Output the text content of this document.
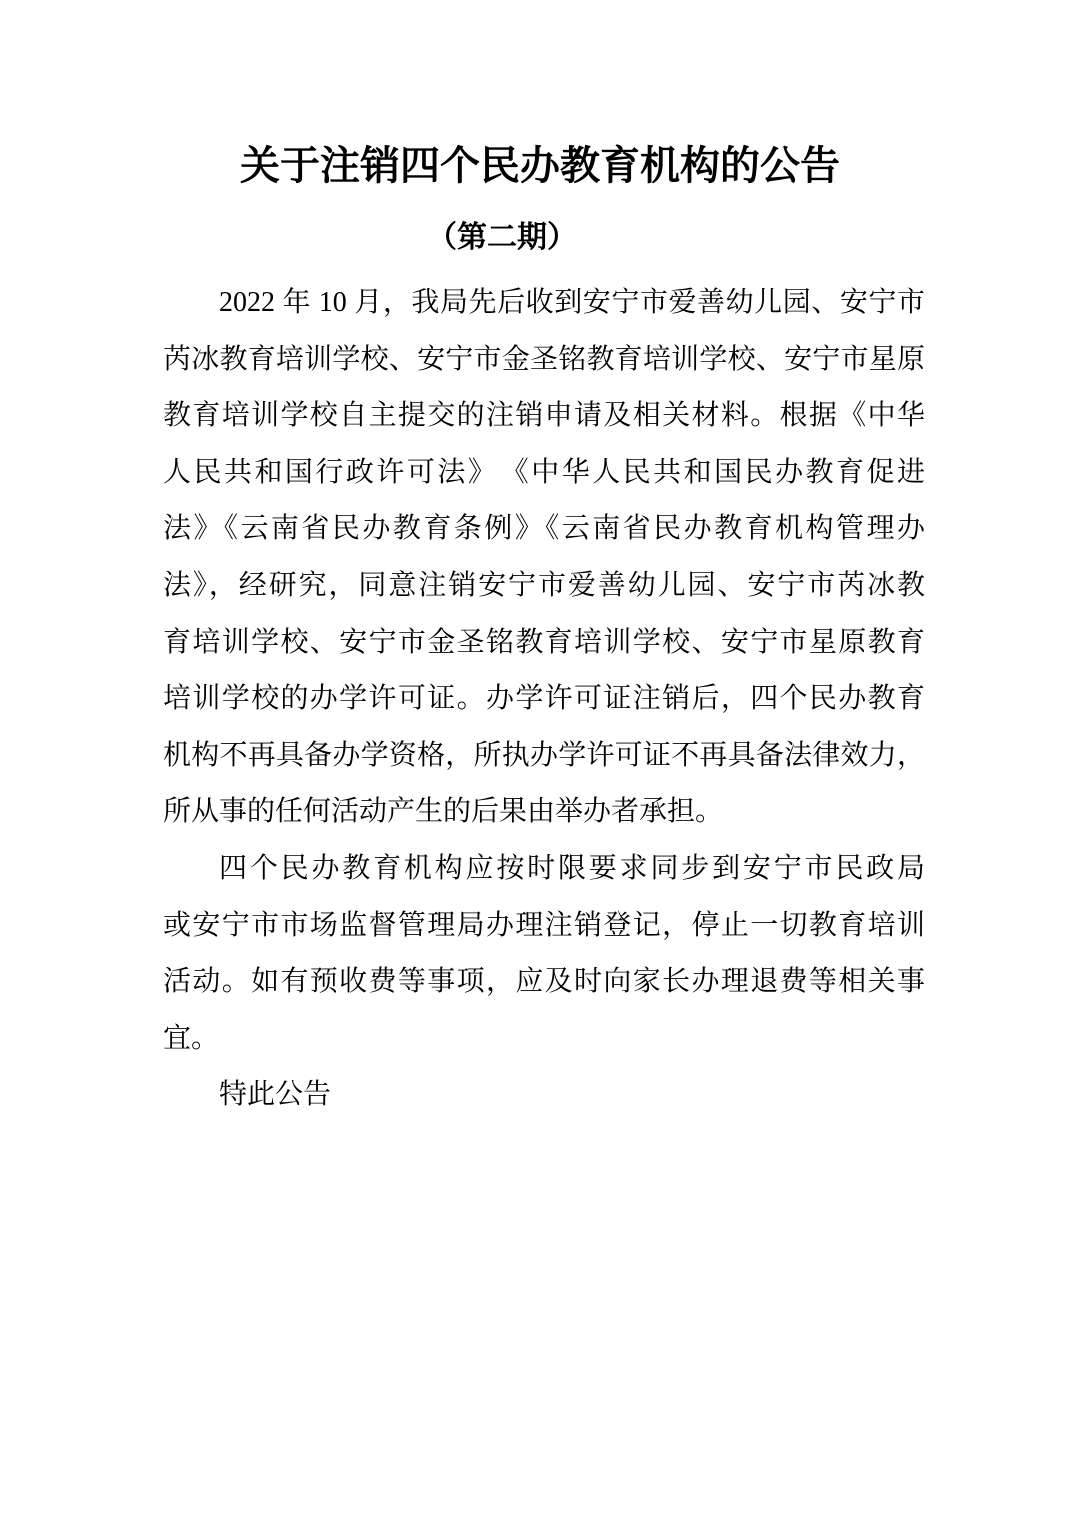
关于注销四个民办教育机构的公告
（第二期）

2022 年 10 月，我局先后收到安宁市爱善幼儿园、安宁市

芮冰教育培训学校、安宁市金圣铭教育培训学校、安宁市星原

教育培训学校自主提交的注销申请及相关材料。根据《中华

人民共和国行政许可法》　《中华人民共和国民办教育促进

法》《云南省民办教育条例》《云南省民办教育机构管理办

法》，经研究，同意注销安宁市爱善幼儿园、安宁市芮冰教

育培训学校、安宁市金圣铭教育培训学校、安宁市星原教育

培训学校的办学许可证。办学许可证注销后，四个民办教育

机构不再具备办学资格，所执办学许可证不再具备法律效力，

所从事的任何活动产生的后果由举办者承担。

四个民办教育机构应按时限要求同步到安宁市民政局

或安宁市市场监督管理局办理注销登记，停止一切教育培训

活动。如有预收费等事项，应及时向家长办理退费等相关事

宜。

特此公告
